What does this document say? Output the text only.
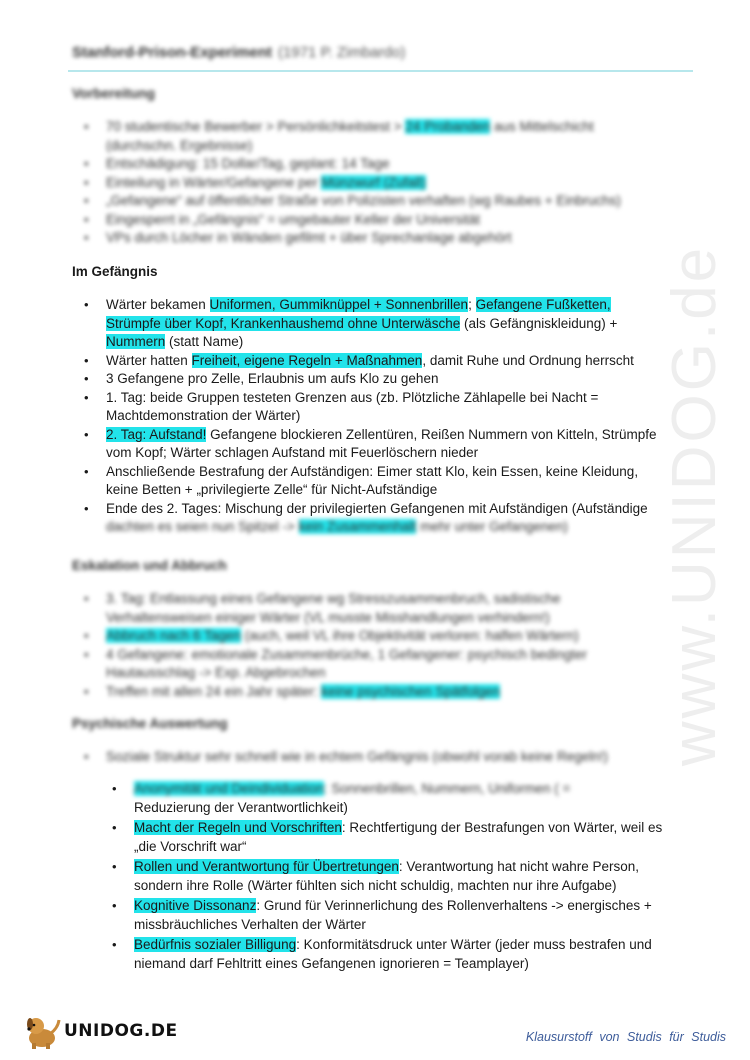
www.UNIDOG.de
Stanford-Prison-Experiment (1971 P. Zimbardo)
Vorbereitung
• 70 studentische Bewerber > Persönlichkeitstest > 24 Probanden aus Mittelschicht (durchschn. Ergebnisse)
• Entschädigung: 15 Dollar/Tag, geplant: 14 Tage
• Einteilung in Wärter/Gefangene per Münzwurf (Zufall)
• „Gefangene“ auf öffentlicher Straße von Polizisten verhaften (wg Raubes + Einbruchs)
• Eingesperrt in „Gefängnis“ = umgebauter Keller der Universität
• VPs durch Löcher in Wänden gefilmt + über Sprechanlage abgehört
Im Gefängnis
• Wärter bekamen Uniformen, Gummiknüppel + Sonnenbrillen; Gefangene Fußketten, Strümpfe über Kopf, Krankenhaushemd ohne Unterwäsche (als Gefängniskleidung) + Nummern (statt Name)
• Wärter hatten Freiheit, eigene Regeln + Maßnahmen, damit Ruhe und Ordnung herrscht
• 3 Gefangene pro Zelle, Erlaubnis um aufs Klo zu gehen
• 1. Tag: beide Gruppen testeten Grenzen aus (zb. Plötzliche Zählapelle bei Nacht = Machtdemonstration der Wärter)
• 2. Tag: Aufstand! Gefangene blockieren Zellentüren, Reißen Nummern von Kitteln, Strümpfe vom Kopf; Wärter schlagen Aufstand mit Feuerlöschern nieder
• Anschließende Bestrafung der Aufständigen: Eimer statt Klo, kein Essen, keine Kleidung, keine Betten + „privilegierte Zelle“ für Nicht-Aufständige
• Ende des 2. Tages: Mischung der privilegierten Gefangenen mit Aufständigen (Aufständige
dachten es seien nun Spitzel -> kein Zusammenhalt mehr unter Gefangenen)
Eskalation und Abbruch
• 3. Tag: Entlassung eines Gefangene wg Stresszusammenbruch, sadistische Verhaltensweisen einiger Wärter (VL musste Misshandlungen verhindern!)
• Abbruch nach 6 Tagen (auch, weil VL ihre Objektivität verloren: halfen Wärtern)
• 4 Gefangene: emotionale Zusammenbrüche, 1 Gefangener: psychisch bedingter Hautausschlag -> Exp. Abgebrochen
• Treffen mit allen 24 ein Jahr später: keine psychischen Spätfolgen
Psychische Auswertung
• Soziale Struktur sehr schnell wie in echtem Gefängnis (obwohl vorab keine Regeln!)
• Anonymität und Deindividuation: Sonnenbrillen, Nummern, Uniformen ( =
Reduzierung der Verantwortlichkeit)
• Macht der Regeln und Vorschriften: Rechtfertigung der Bestrafungen von Wärter, weil es „die Vorschrift war“
• Rollen und Verantwortung für Übertretungen: Verantwortung hat nicht wahre Person, sondern ihre Rolle (Wärter fühlten sich nicht schuldig, machten nur ihre Aufgabe)
• Kognitive Dissonanz: Grund für Verinnerlichung des Rollenverhaltens -> energisches + missbräuchliches Verhalten der Wärter
• Bedürfnis sozialer Billigung: Konformitätsdruck unter Wärter (jeder muss bestrafen und niemand darf Fehltritt eines Gefangenen ignorieren = Teamplayer)
UNIDOG.DE	Klausurstoff von Studis für Studis
